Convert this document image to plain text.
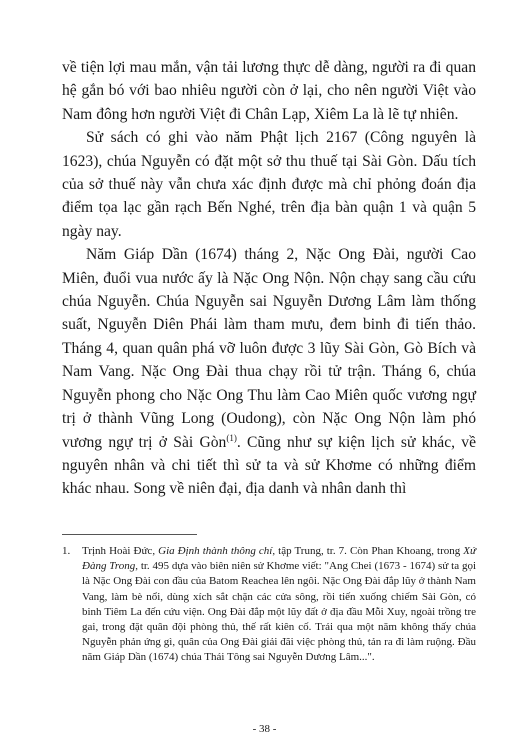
về tiện lợi mau mắn, vận tải lương thực dễ dàng, người ra đi quan hệ gắn bó với bao nhiêu người còn ở lại, cho nên người Việt vào Nam đông hơn người Việt đi Chân Lạp, Xiêm La là lẽ tự nhiên.

Sử sách có ghi vào năm Phật lịch 2167 (Công nguyên là 1623), chúa Nguyễn có đặt một sở thu thuế tại Sài Gòn. Dấu tích của sở thuế này vẫn chưa xác định được mà chỉ phỏng đoán địa điểm tọa lạc gần rạch Bến Nghé, trên địa bàn quận 1 và quận 5 ngày nay.

Năm Giáp Dần (1674) tháng 2, Nặc Ong Đài, người Cao Miên, đuổi vua nước ấy là Nặc Ong Nộn. Nộn chạy sang cầu cứu chúa Nguyễn. Chúa Nguyễn sai Nguyễn Dương Lâm làm thống suất, Nguyễn Diên Phái làm tham mưu, đem binh đi tiến thảo. Tháng 4, quan quân phá vỡ luôn được 3 lũy Sài Gòn, Gò Bích và Nam Vang. Nặc Ong Đài thua chạy rồi tử trận. Tháng 6, chúa Nguyễn phong cho Nặc Ong Thu làm Cao Miên quốc vương ngự trị ở thành Vũng Long (Oudong), còn Nặc Ong Nộn làm phó vương ngự trị ở Sài Gòn$^{(1)}$. Cũng như sự kiện lịch sử khác, về nguyên nhân và chi tiết thì sử ta và sử Khơme có những điểm khác nhau. Song về niên đại, địa danh và nhân danh thì

1.	Trịnh Hoài Đức, Gia Định thành thông chí, tập Trung, tr. 7. Còn Phan Khoang, trong Xứ Đàng Trong, tr. 495 dựa vào biên niên sử Khơme viết: "Ang Chei (1673 - 1674) sử ta gọi là Nặc Ong Đài con đầu của Batom Reachea lên ngôi. Nặc Ong Đài đắp lũy ở thành Nam Vang, làm bè nổi, dùng xích sắt chặn các cửa sông, rồi tiến xuống chiếm Sài Gòn, có binh Tiêm La đến cứu viện. Ong Đài đắp một lũy đất ở địa đầu Mỗi Xuy, ngoài trồng tre gai, trong đặt quân đội phòng thủ, thế rất kiên cố. Trái qua một năm không thấy chúa Nguyễn phản ứng gì, quân của Ong Đài giải đãi việc phòng thủ, tản ra đi làm ruộng. Đầu năm Giáp Dần (1674) chúa Thái Tông sai Nguyễn Dương Lâm...".
- 38 -
